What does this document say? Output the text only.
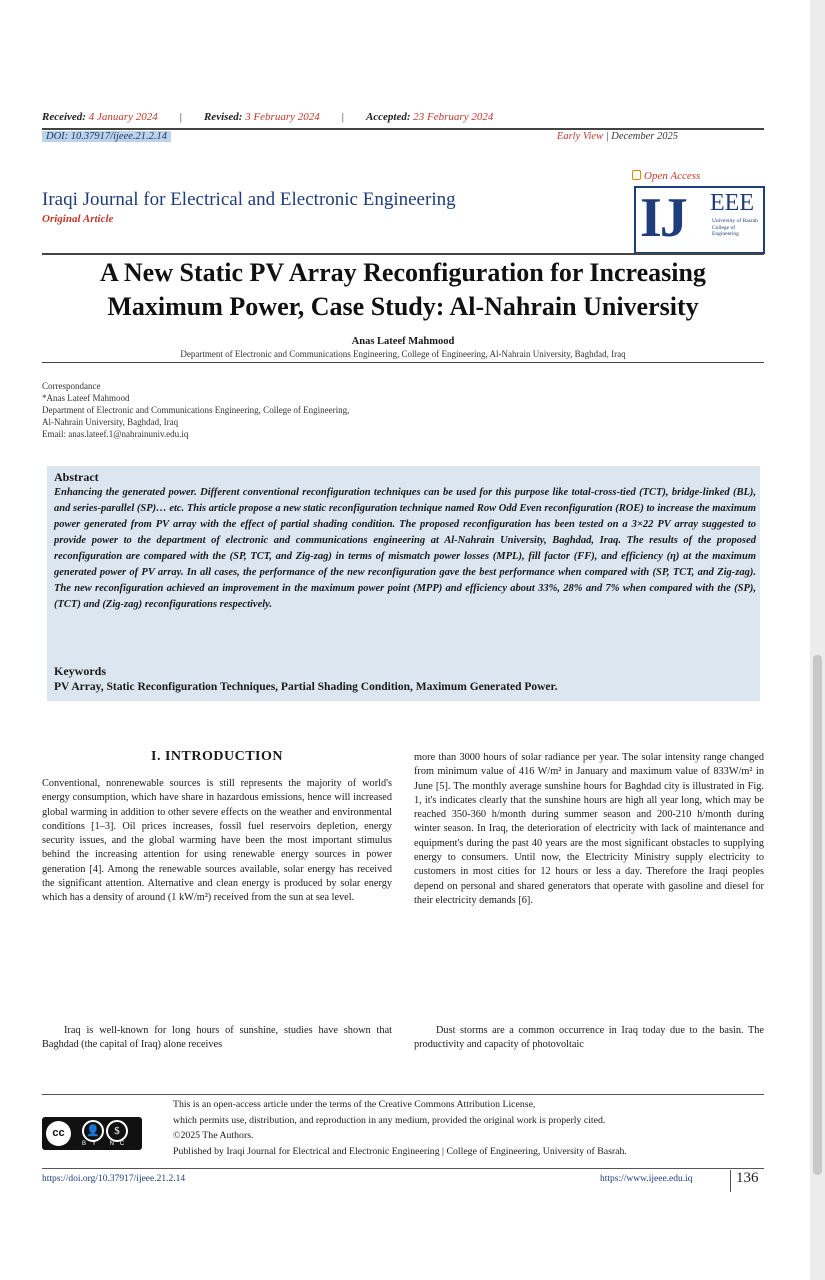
Received:
4 January 2024 | Revised:
3 February 2024 | Accepted:
23 February 2024
DOI: 10.37917/ijeee.21.2.14	Early View | December 2025
Iraqi Journal for Electrical and Electronic Engineering
Original Article
Open Access
IJ EEE
University of Basrah College of Engineering
A New Static PV Array Reconfiguration for Increasing Maximum Power, Case Study: Al-Nahrain University
Anas Lateef Mahmood
Department of Electronic and Communications Engineering, College of Engineering, Al-Nahrain University, Baghdad, Iraq
Correspondance
*Anas Lateef Mahmood
Department of Electronic and Communications Engineering, College of Engineering,
Al-Nahrain University, Baghdad, Iraq
Email: anas.lateef.1@nahrainuniv.edu.iq
Abstract
Enhancing the generated power. Different conventional reconfiguration techniques can be used for this purpose like total-cross-tied (TCT), bridge-linked (BL), and series-parallel (SP)… etc. This article propose a new static reconfiguration technique named Row Odd Even reconfiguration (ROE) to increase the maximum power generated from PV array with the effect of partial shading condition. The proposed reconfiguration has been tested on a 3×22 PV array suggested to provide power to the department of electronic and communications engineering at Al-Nahrain University, Baghdad, Iraq. The results of the proposed reconfiguration are compared with the (SP, TCT, and Zig-zag) in terms of mismatch power losses (MPL), fill factor (FF), and efficiency (η) at the maximum generated power of PV array. In all cases, the performance of the new reconfiguration gave the best performance when compared with (SP, TCT, and Zig-zag). The new reconfiguration achieved an improvement in the maximum power point (MPP) and efficiency about 33%, 28% and 7% when compared with the (SP), (TCT) and (Zig-zag) reconfigurations respectively.
Keywords
PV Array, Static Reconfiguration Techniques, Partial Shading Condition, Maximum Generated Power.
I. INTRODUCTION
Conventional, nonrenewable sources is still represents the majority of world's energy consumption, which have share in hazardous emissions, hence will increased global warming in addition to other severe effects on the weather and environmental conditions [1–3]. Oil prices increases, fossil fuel reservoirs depletion, energy security issues, and the global warming have been the most important stimulus behind the increasing attention for using renewable energy sources in power generation [4]. Among the renewable sources available, solar energy has received the significant attention. Alternative and clean energy is produced by solar energy which has a density of around (1 kW/m²) received from the sun at sea level.
Iraq is well-known for long hours of sunshine, studies have shown that Baghdad (the capital of Iraq) alone receives
more than 3000 hours of solar radiance per year. The solar intensity range changed from minimum value of 416 W/m² in January and maximum value of 833W/m² in June [5]. The monthly average sunshine hours for Baghdad city is illustrated in Fig. 1, it's indicates clearly that the sunshine hours are high all year long, which may be reached 350-360 h/month during summer season and 200-210 h/month during winter season. In Iraq, the deterioration of electricity with lack of maintenance and equipment's during the past 40 years are the most significant obstacles to supplying energy to consumers. Until now, the Electricity Ministry supply electricity to customers in most cities for 12 hours or less a day. Therefore the Iraqi peoples depend on personal and shared generators that operate with gasoline and diesel for their electricity demands [6].
Dust storms are a common occurrence in Iraq today due to the basin. The productivity and capacity of photovoltaic
cc	👤	$
BY NC
This is an open-access article under the terms of the Creative Commons Attribution License,
which permits use, distribution, and reproduction in any medium, provided the original work is properly cited.
©2025 The Authors.
Published by Iraqi Journal for Electrical and Electronic Engineering | College of Engineering, University of Basrah.
https://doi.org/10.37917/ijeee.21.2.14	https://www.ijeee.edu.iq	136
